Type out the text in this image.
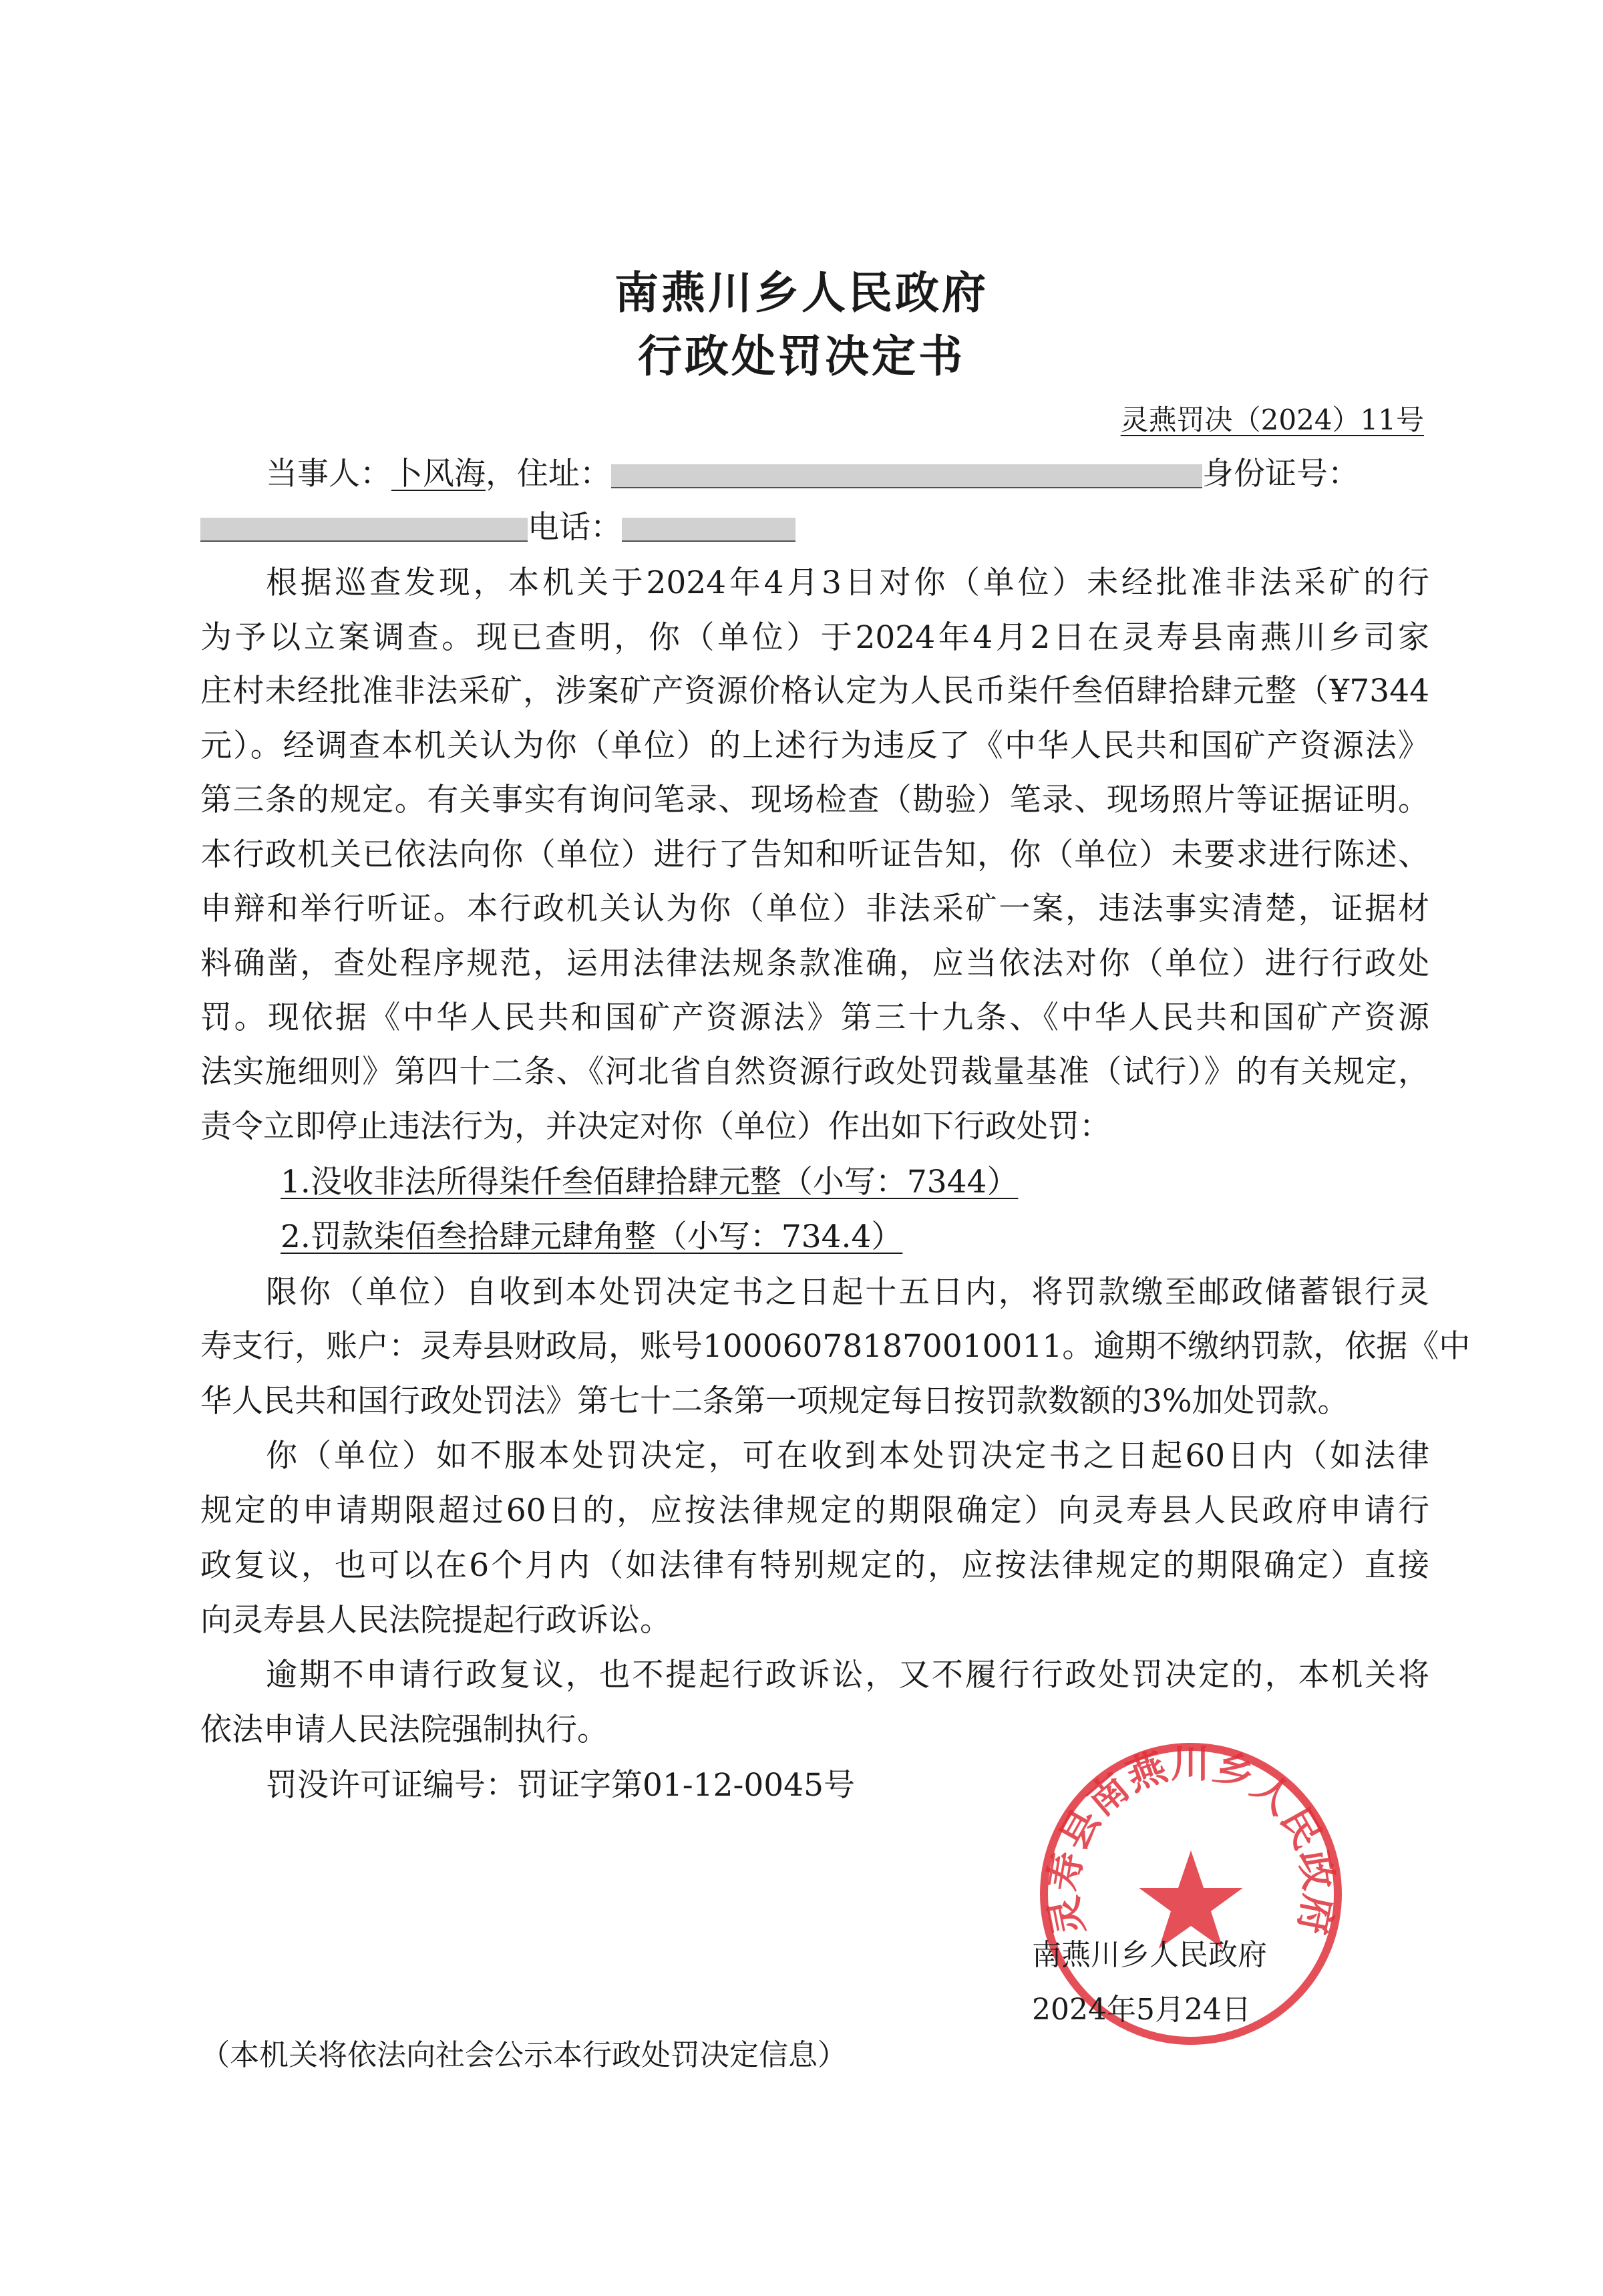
南燕川乡人民政府
行政处罚决定书
灵燕罚决（2024）11号
当事人：卜风海，住址：	身份证号：
电话：
根据巡查发现，本机关于2024年4月3日对你（单位）未经批准非法采矿的行
为予以立案调查。现已查明，你（单位）于2024年4月2日在灵寿县南燕川乡司家
庄村未经批准非法采矿，涉案矿产资源价格认定为人民币柒仟叁佰肆拾肆元整（¥7344
元）。经调查本机关认为你（单位）的上述行为违反了《中华人民共和国矿产资源法》
第三条的规定。有关事实有询问笔录、现场检查（勘验）笔录、现场照片等证据证明。
本行政机关已依法向你（单位）进行了告知和听证告知，你（单位）未要求进行陈述、
申辩和举行听证。本行政机关认为你（单位）非法采矿一案，违法事实清楚，证据材
料确凿，查处程序规范，运用法律法规条款准确，应当依法对你（单位）进行行政处
罚。现依据《中华人民共和国矿产资源法》第三十九条、《中华人民共和国矿产资源
法实施细则》第四十二条、《河北省自然资源行政处罚裁量基准（试行）》的有关规定，
责令立即停止违法行为，并决定对你（单位）作出如下行政处罚：
1.没收非法所得柒仟叁佰肆拾肆元整（小写：7344）
2.罚款柒佰叁拾肆元肆角整（小写：734.4）
限你（单位）自收到本处罚决定书之日起十五日内，将罚款缴至邮政储蓄银行灵
寿支行，账户：灵寿县财政局，账号100060781870010011。逾期不缴纳罚款，依据《中
华人民共和国行政处罚法》第七十二条第一项规定每日按罚款数额的3%加处罚款。
你（单位）如不服本处罚决定，可在收到本处罚决定书之日起60日内（如法律
规定的申请期限超过60日的，应按法律规定的期限确定）向灵寿县人民政府申请行
政复议，也可以在6个月内（如法律有特别规定的，应按法律规定的期限确定）直接
向灵寿县人民法院提起行政诉讼。
逾期不申请行政复议，也不提起行政诉讼，又不履行行政处罚决定的，本机关将
依法申请人民法院强制执行。
罚没许可证编号：罚证字第01-12-0045号
灵寿县南燕川乡人民政府
南燕川乡人民政府
2024年5月24日
（本机关将依法向社会公示本行政处罚决定信息）
